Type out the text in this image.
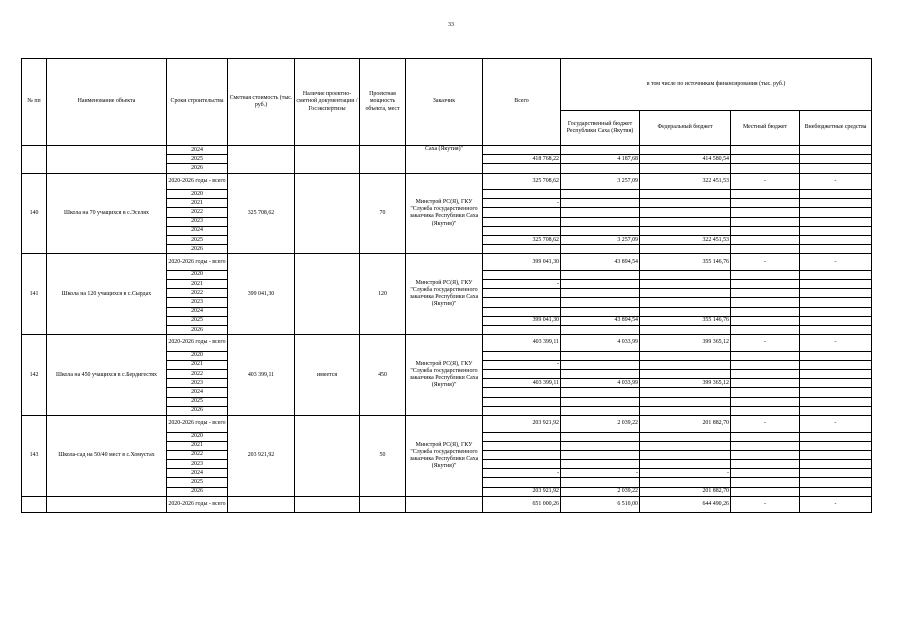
33
№ пп	Наименование объекта	Сроки строительства	Сметная стоимость (тыс. руб.)	Наличие проектно-сметной документации /Госэкспертизы	Проектная мощность объекта, мест	Заказчик	Всего	в том числе по источникам финансирования (тыс. руб.)			
								Государственный бюджет Республики Саха (Якутия)	Федеральный бюджет	Местный бюджет	Внебюджетные средства
		2024				Саха (Якутия)"					
		2025					418 768,22	4 187,68	414 580,54		
		2026									
140	Школа на 70 учащихся в с.Эселях	2020-2026 годы - всего	325 708,62		70	Минстрой РС(Я), ГКУ "Служба государственного заказчика Республики Саха (Якутия)"	325 708,62	3 257,09	322 451,53	-	-
		2020									
		2021					-				
		2022									
		2023									
		2024									
		2025					325 708,62	3 257,09	322 451,53		
		2026									
141	Школа на 120 учащихся в с.Сырдах	2020-2026 годы - всего	399 041,30		120	Минстрой РС(Я), ГКУ "Служба государственного заказчика Республики Саха (Якутия)"	399 041,30	43 894,54	355 146,76	-	-
		2020									
		2021					-				
		2022									
		2023									
		2024									
		2025					399 041,30	43 894,54	355 146,76		
		2026									
142	Школа на 450 учащихся в с.Бердигестях	2020-2026 годы - всего	403 399,11	имеется	450	Минстрой РС(Я), ГКУ "Служба государственного заказчика Республики Саха (Якутия)"	403 399,11	4 033,99	399 365,12	-	-
		2020									
		2021					-				
		2022									
		2023					403 399,11	4 033,99	399 365,12		
		2024									
		2025									
		2026									
143	Школа-сад на 50/40 мест в с.Хомустах	2020-2026 годы - всего	203 921,92		50	Минстрой РС(Я), ГКУ "Служба государственного заказчика Республики Саха (Якутия)"	203 921,92	2 039,22	201 882,70	-	-
		2020									
		2021									
		2022									
		2023									
		2024					-	-	-		
		2025									
		2026					203 921,92	2 039,22	201 882,70		
		2020-2026 годы - всего					651 000,26	6 510,00	644 490,26	-	-
